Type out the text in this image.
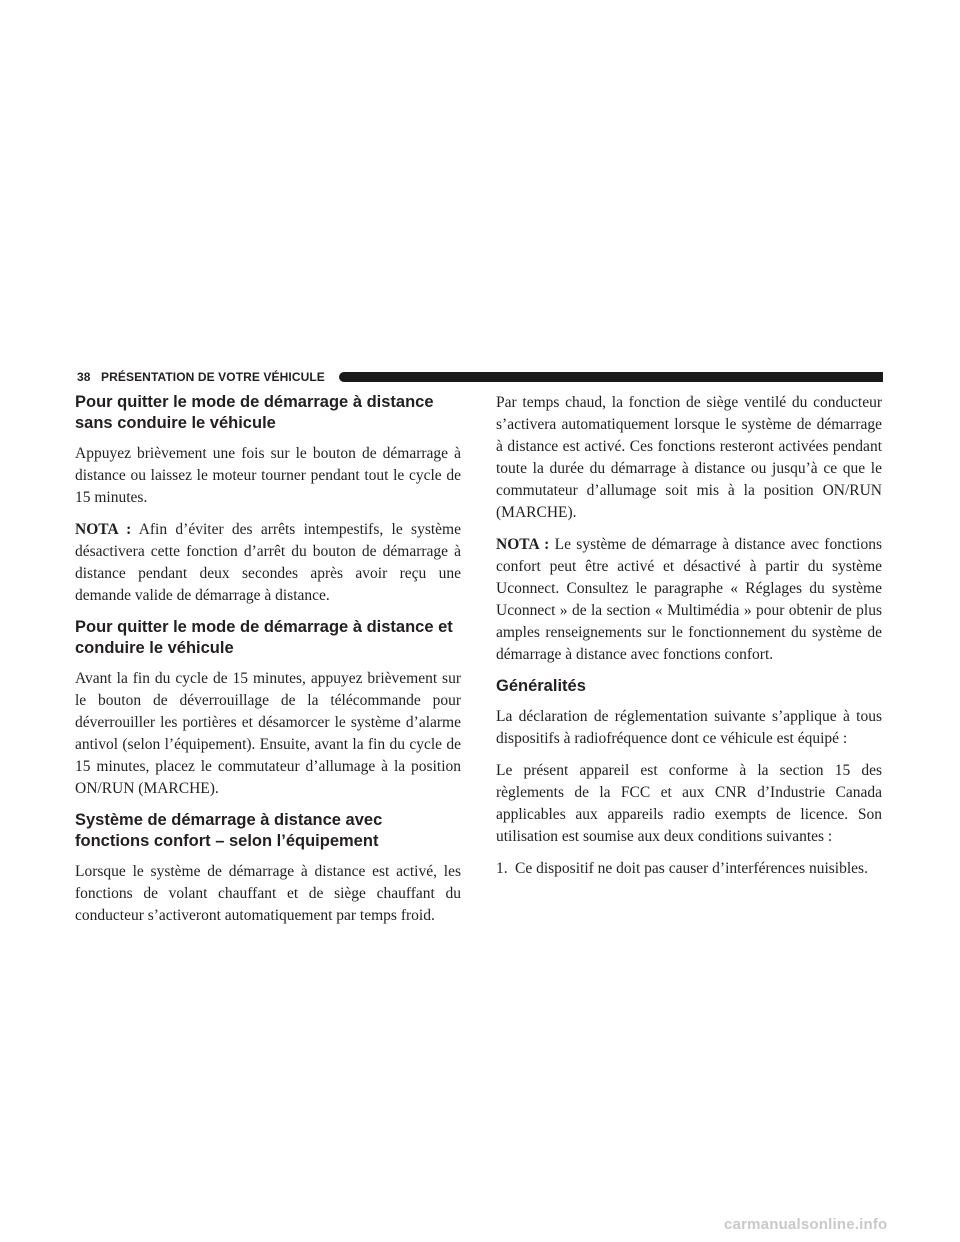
38 PRÉSENTATION DE VOTRE VÉHICULE
Pour quitter le mode de démarrage à distance sans conduire le véhicule

Appuyez brièvement une fois sur le bouton de démarrage à distance ou laissez le moteur tourner pendant tout le cycle de 15 minutes.

NOTA : Afin d’éviter des arrêts intempestifs, le système désactivera cette fonction d’arrêt du bouton de démarrage à distance pendant deux secondes après avoir reçu une demande valide de démarrage à distance.

Pour quitter le mode de démarrage à distance et conduire le véhicule

Avant la fin du cycle de 15 minutes, appuyez brièvement sur le bouton de déverrouillage de la télécommande pour déverrouiller les portières et désamorcer le système d’alarme antivol (selon l’équipement). Ensuite, avant la fin du cycle de 15 minutes, placez le commutateur d’allumage à la position ON/RUN (MARCHE).

Système de démarrage à distance avec fonctions confort – selon l’équipement

Lorsque le système de démarrage à distance est activé, les fonctions de volant chauffant et de siège chauffant du conducteur s’activeront automatiquement par temps froid.

Par temps chaud, la fonction de siège ventilé du conducteur s’activera automatiquement lorsque le système de démarrage à distance est activé. Ces fonctions resteront activées pendant toute la durée du démarrage à distance ou jusqu’à ce que le commutateur d’allumage soit mis à la position ON/RUN (MARCHE).

NOTA : Le système de démarrage à distance avec fonctions confort peut être activé et désactivé à partir du système Uconnect. Consultez le paragraphe « Réglages du système Uconnect » de la section « Multimédia » pour obtenir de plus amples renseignements sur le fonctionnement du système de démarrage à distance avec fonctions confort.

Généralités

La déclaration de réglementation suivante s’applique à tous dispositifs à radiofréquence dont ce véhicule est équipé :

Le présent appareil est conforme à la section 15 des règlements de la FCC et aux CNR d’Industrie Canada applicables aux appareils radio exempts de licence. Son utilisation est soumise aux deux conditions suivantes :

1. Ce dispositif ne doit pas causer d’interférences nuisibles.
carmanualsonline.info
